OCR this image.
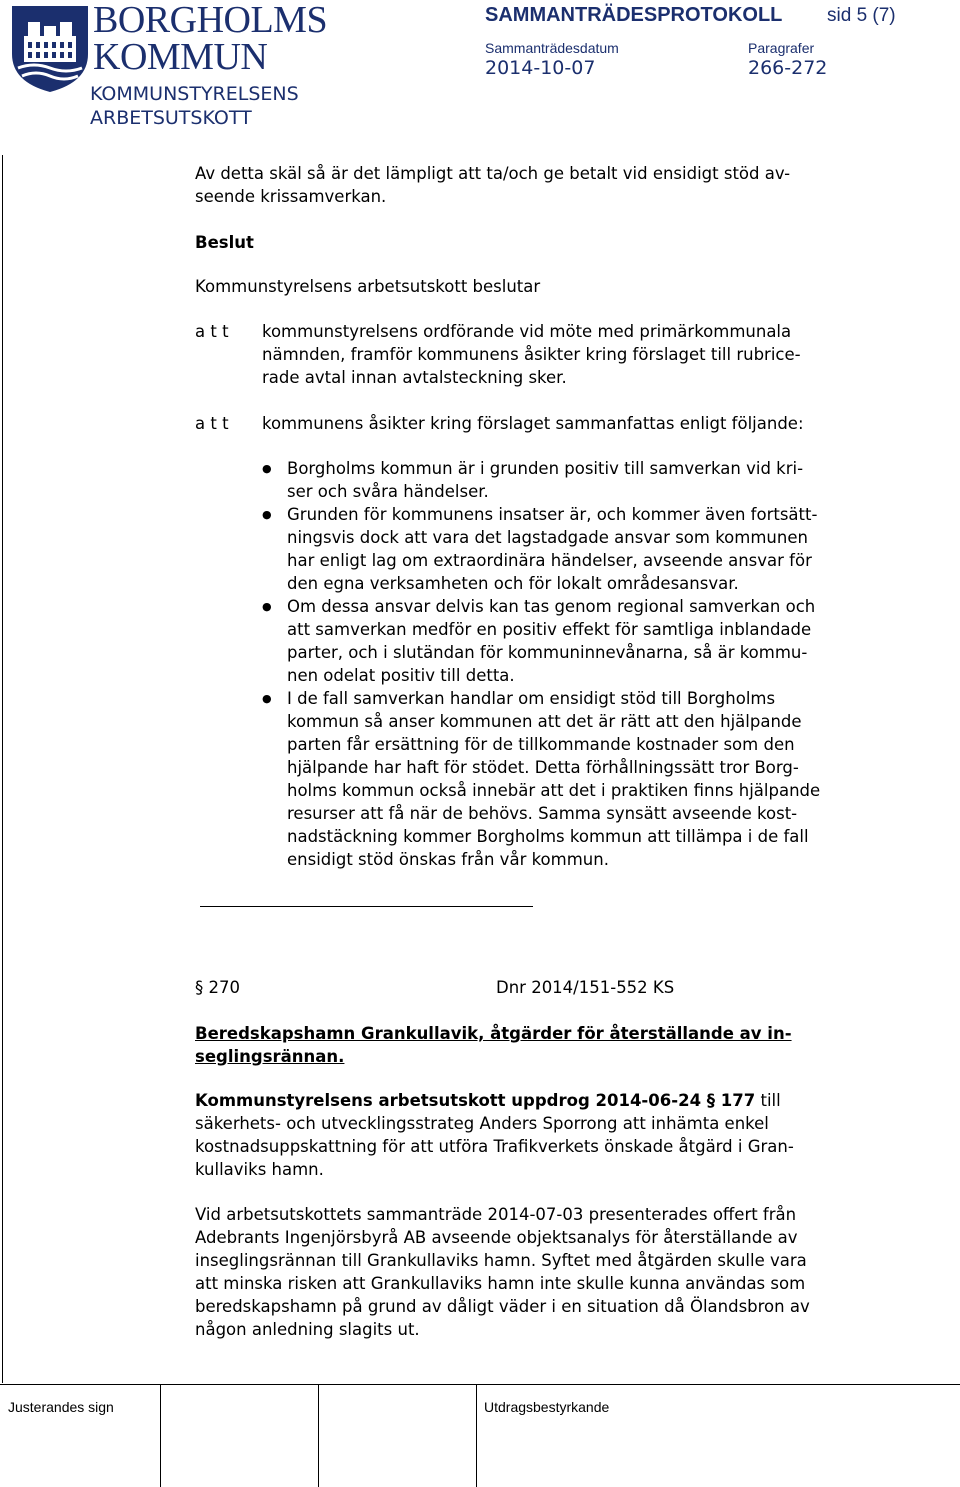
BORGHOLMS
KOMMUN
KOMMUNSTYRELSENS
ARBETSUTSKOTT
SAMMANTRÄDESPROTOKOLL sid 5 (7)
Sammanträdesdatum
2014-10-07
Paragrafer
266-272
Av detta skäl så är det lämpligt att ta/och ge betalt vid ensidigt stöd av-
seende krissamverkan.
Beslut
Kommunstyrelsens arbetsutskott beslutar
a t t kommunstyrelsens ordförande vid möte med primärkommunala
nämnden, framför kommunens åsikter kring förslaget till rubrice-
rade avtal innan avtalsteckning sker.
a t t kommunens åsikter kring förslaget sammanfattas enligt följande:
● Borgholms kommun är i grunden positiv till samverkan vid kri-
ser och svåra händelser.
● Grunden för kommunens insatser är, och kommer även fortsätt-
ningsvis dock att vara det lagstadgade ansvar som kommunen
har enligt lag om extraordinära händelser, avseende ansvar för
den egna verksamheten och för lokalt områdesansvar.
● Om dessa ansvar delvis kan tas genom regional samverkan och
att samverkan medför en positiv effekt för samtliga inblandade
parter, och i slutändan för kommuninnevånarna, så är kommu-
nen odelat positiv till detta.
● I de fall samverkan handlar om ensidigt stöd till Borgholms
kommun så anser kommunen att det är rätt att den hjälpande
parten får ersättning för de tillkommande kostnader som den
hjälpande har haft för stödet. Detta förhållningssätt tror Borg-
holms kommun också innebär att det i praktiken finns hjälpande
resurser att få när de behövs. Samma synsätt avseende kost-
nadstäckning kommer Borgholms kommun att tillämpa i de fall
ensidigt stöd önskas från vår kommun.
§ 270	Dnr 2014/151-552 KS
Beredskapshamn Grankullavik, åtgärder för återställande av in-
seglingsrännan.
Kommunstyrelsens arbetsutskott uppdrog 2014-06-24 § 177 till
säkerhets- och utvecklingsstrateg Anders Sporrong att inhämta enkel
kostnadsuppskattning för att utföra Trafikverkets önskade åtgärd i Gran-
kullaviks hamn.
Vid arbetsutskottets sammanträde 2014-07-03 presenterades offert från
Adebrants Ingenjörsbyrå AB avseende objektsanalys för återställande av
inseglingsrännan till Grankullaviks hamn. Syftet med åtgärden skulle vara
att minska risken att Grankullaviks hamn inte skulle kunna användas som
beredskapshamn på grund av dåligt väder i en situation då Ölandsbron av
någon anledning slagits ut.
Justerandes sign	Utdragsbestyrkande
